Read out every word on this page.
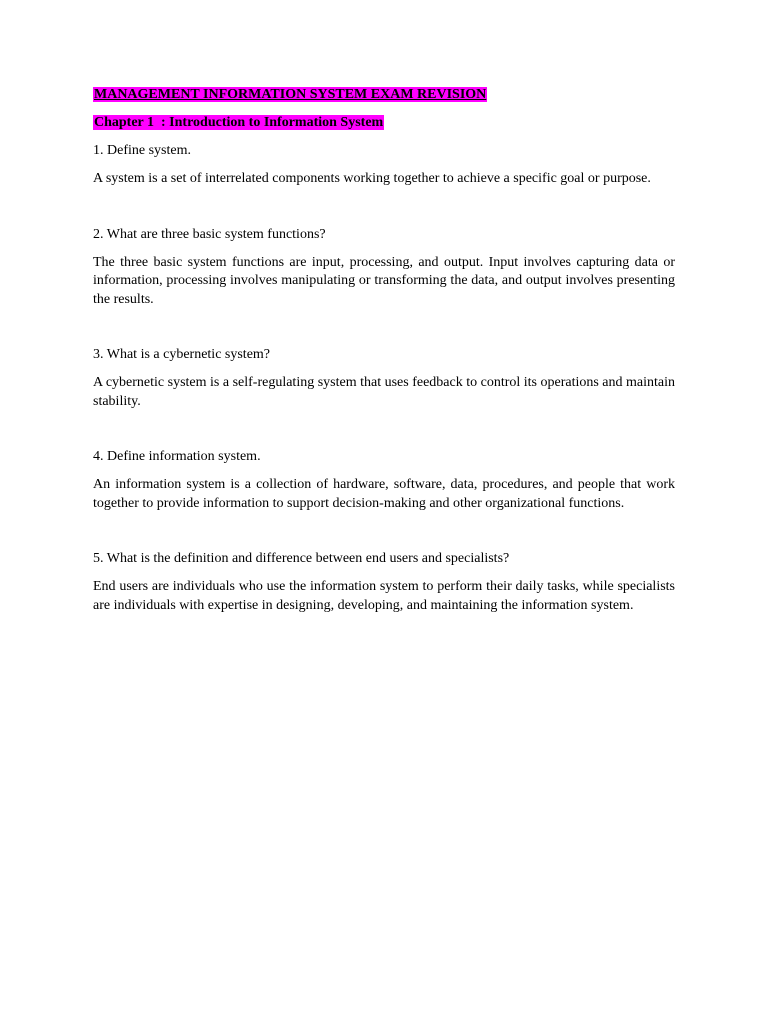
MANAGEMENT INFORMATION SYSTEM EXAM REVISION

Chapter 1  : Introduction to Information System

1. Define system.

A system is a set of interrelated components working together to achieve a specific goal or purpose.

2. What are three basic system functions?

The three basic system functions are input, processing, and output. Input involves capturing data or information, processing involves manipulating or transforming the data, and output involves presenting the results.

3. What is a cybernetic system?

A cybernetic system is a self-regulating system that uses feedback to control its operations and maintain stability.

4. Define information system.

An information system is a collection of hardware, software, data, procedures, and people that work together to provide information to support decision-making and other organizational functions.

5. What is the definition and difference between end users and specialists?

End users are individuals who use the information system to perform their daily tasks, while specialists are individuals with expertise in designing, developing, and maintaining the information system.
